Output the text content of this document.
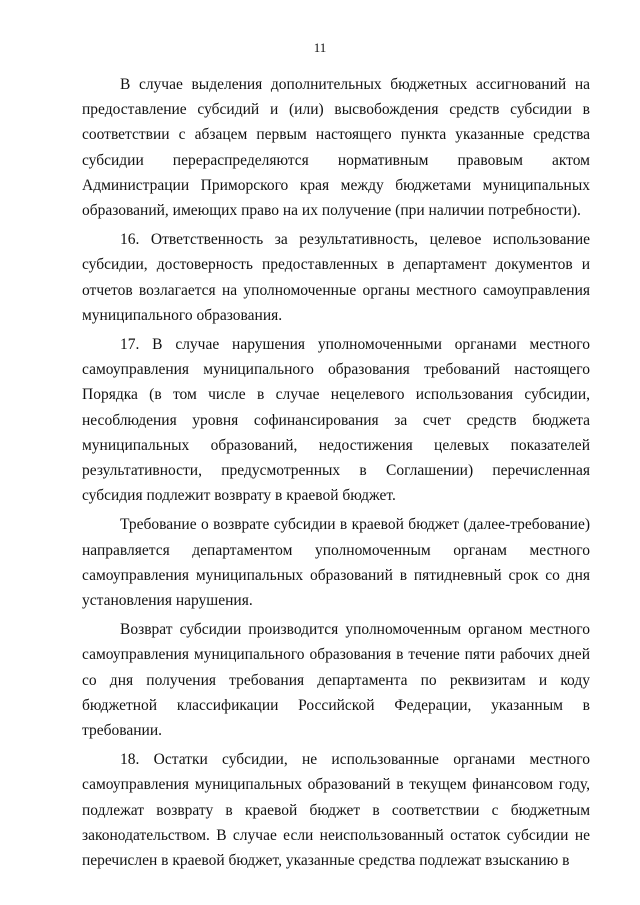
11

В случае выделения дополнительных бюджетных ассигнований на предоставление субсидий и (или) высвобождения средств субсидии в соответствии с абзацем первым настоящего пункта указанные средства субсидии перераспределяются нормативным правовым актом Администрации Приморского края между бюджетами муниципальных образований, имеющих право на их получение (при наличии потребности).

16. Ответственность за результативность, целевое использование субсидии, достоверность предоставленных в департамент документов и отчетов возлагается на уполномоченные органы местного самоуправления муниципального образования.

17. В случае нарушения уполномоченными органами местного самоуправления муниципального образования требований настоящего Порядка (в том числе в случае нецелевого использования субсидии, несоблюдения уровня софинансирования за счет средств бюджета муниципальных образований, недостижения целевых показателей результативности, предусмотренных в Соглашении) перечисленная субсидия подлежит возврату в краевой бюджет.

Требование о возврате субсидии в краевой бюджет (далее-требование) направляется департаментом уполномоченным органам местного самоуправления муниципальных образований в пятидневный срок со дня установления нарушения.

Возврат субсидии производится уполномоченным органом местного самоуправления муниципального образования в течение пяти рабочих дней со дня получения требования департамента по реквизитам и коду бюджетной классификации Российской Федерации, указанным в требовании.

18. Остатки субсидии, не использованные органами местного самоуправления муниципальных образований в текущем финансовом году, подлежат возврату в краевой бюджет в соответствии с бюджетным законодательством. В случае если неиспользованный остаток субсидии не перечислен в краевой бюджет, указанные средства подлежат взысканию в
